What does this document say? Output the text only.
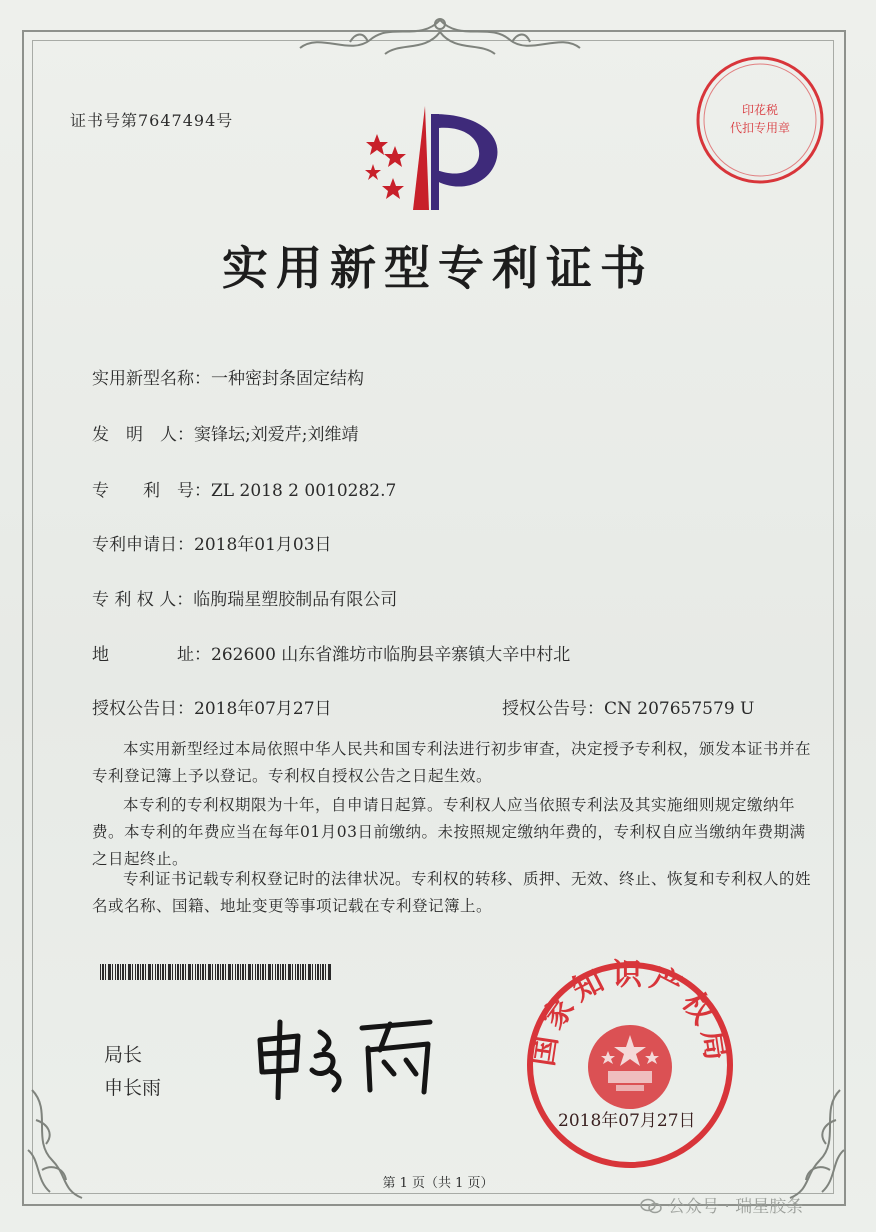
印花税
代扣专用章
证书号第7647494号
实用新型专利证书
实用新型名称：一种密封条固定结构
发　明　人：窦锋坛;刘爱芹;刘维靖
专　　利　号：ZL 2018 2 0010282.7
专利申请日：2018年01月03日
专 利 权 人：临朐瑞星塑胶制品有限公司
地　　　　址：262600 山东省潍坊市临朐县辛寨镇大辛中村北
授权公告日：2018年07月27日	授权公告号：CN 207657579 U
本实用新型经过本局依照中华人民共和国专利法进行初步审查，决定授予专利权，颁发本证书并在专利登记簿上予以登记。专利权自授权公告之日起生效。
本专利的专利权期限为十年，自申请日起算。专利权人应当依照专利法及其实施细则规定缴纳年费。本专利的年费应当在每年01月03日前缴纳。未按照规定缴纳年费的，专利权自应当缴纳年费期满之日起终止。
专利证书记载专利权登记时的法律状况。专利权的转移、质押、无效、终止、恢复和专利权人的姓名或名称、国籍、地址变更等事项记载在专利登记簿上。
局长
申长雨
国家知识产权局
2018年07月27日
第 1 页（共 1 页）
公众号 · 瑞星胶条
